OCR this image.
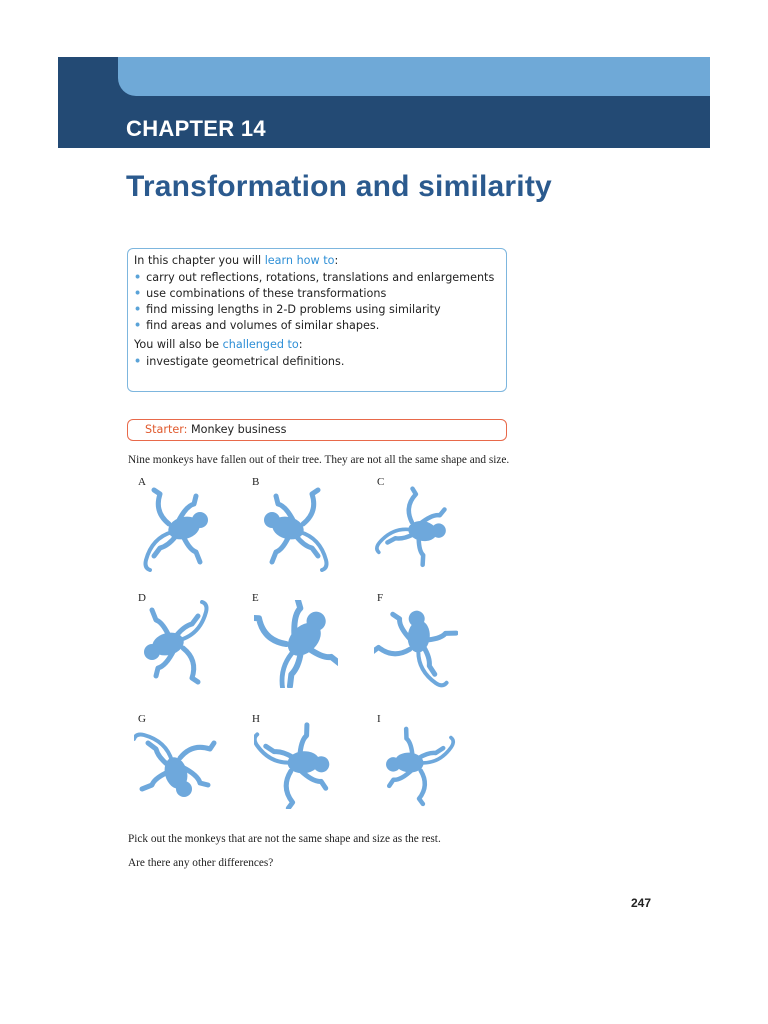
CHAPTER 14
Transformation and similarity

In this chapter you will learn how to:

• carry out reflections, rotations, translations and enlargements
• use combinations of these transformations
• find missing lengths in 2-D problems using similarity
• find areas and volumes of similar shapes.

You will also be challenged to:

• investigate geometrical definitions.
Starter: Monkey business

Nine monkeys have fallen out of their tree. They are not all the same shape and size.

A	B	C
D	E	F
G	H	I

Pick out the monkeys that are not the same shape and size as the rest.

Are there any other differences?

247
